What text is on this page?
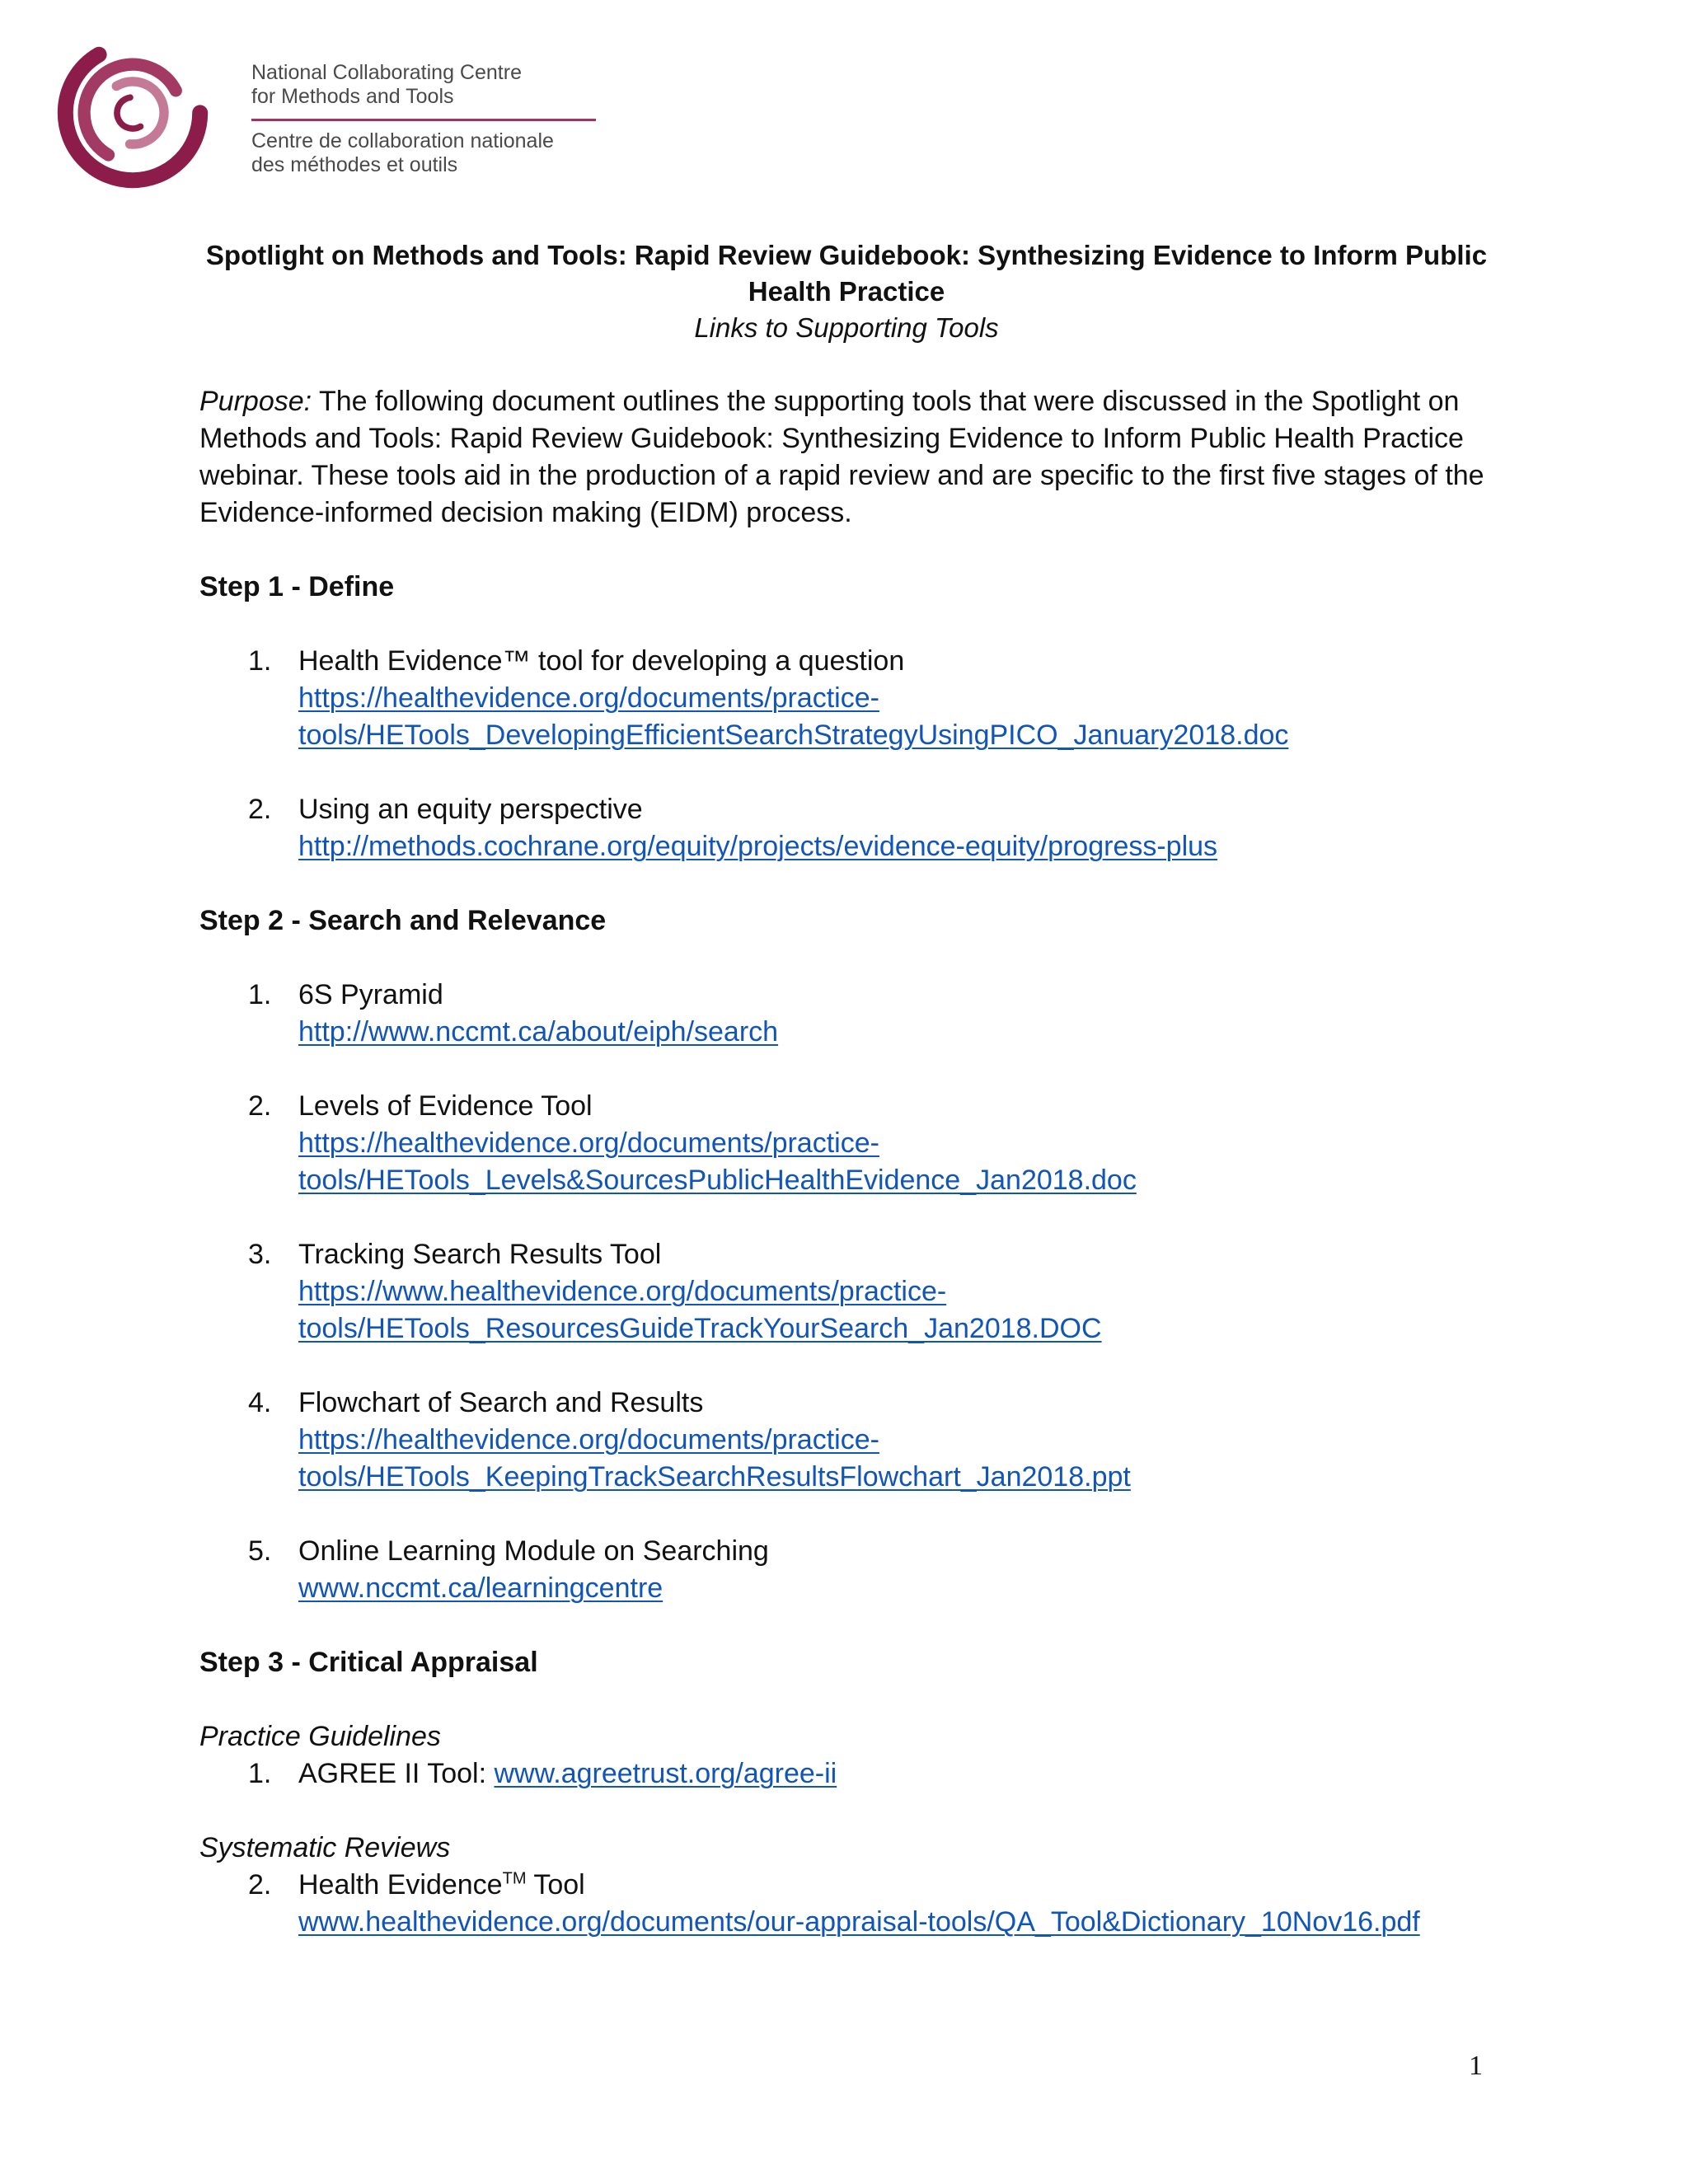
National Collaborating Centre
for Methods and Tools
Centre de collaboration nationale
des méthodes et outils
Spotlight on Methods and Tools: Rapid Review Guidebook: Synthesizing Evidence to Inform Public
Health Practice
Links to Supporting Tools
Purpose: The following document outlines the supporting tools that were discussed in the Spotlight on Methods and Tools: Rapid Review Guidebook: Synthesizing Evidence to Inform Public Health Practice webinar. These tools aid in the production of a rapid review and are specific to the first five stages of the Evidence-informed decision making (EIDM) process.
Step 1 - Define
1. Health Evidence™ tool for developing a question
https://healthevidence.org/documents/practice-
tools/HETools_DevelopingEfficientSearchStrategyUsingPICO_January2018.doc
2. Using an equity perspective
http://methods.cochrane.org/equity/projects/evidence-equity/progress-plus
Step 2 - Search and Relevance
1. 6S Pyramid
http://www.nccmt.ca/about/eiph/search
2. Levels of Evidence Tool
https://healthevidence.org/documents/practice-
tools/HETools_Levels&SourcesPublicHealthEvidence_Jan2018.doc
3. Tracking Search Results Tool
https://www.healthevidence.org/documents/practice-
tools/HETools_ResourcesGuideTrackYourSearch_Jan2018.DOC
4. Flowchart of Search and Results
https://healthevidence.org/documents/practice-
tools/HETools_KeepingTrackSearchResultsFlowchart_Jan2018.ppt
5. Online Learning Module on Searching
www.nccmt.ca/learningcentre
Step 3 - Critical Appraisal
Practice Guidelines
1. AGREE II Tool: www.agreetrust.org/agree-ii
Systematic Reviews
2. Health Evidence™ Tool
www.healthevidence.org/documents/our-appraisal-tools/QA_Tool&Dictionary_10Nov16.pdf
1
